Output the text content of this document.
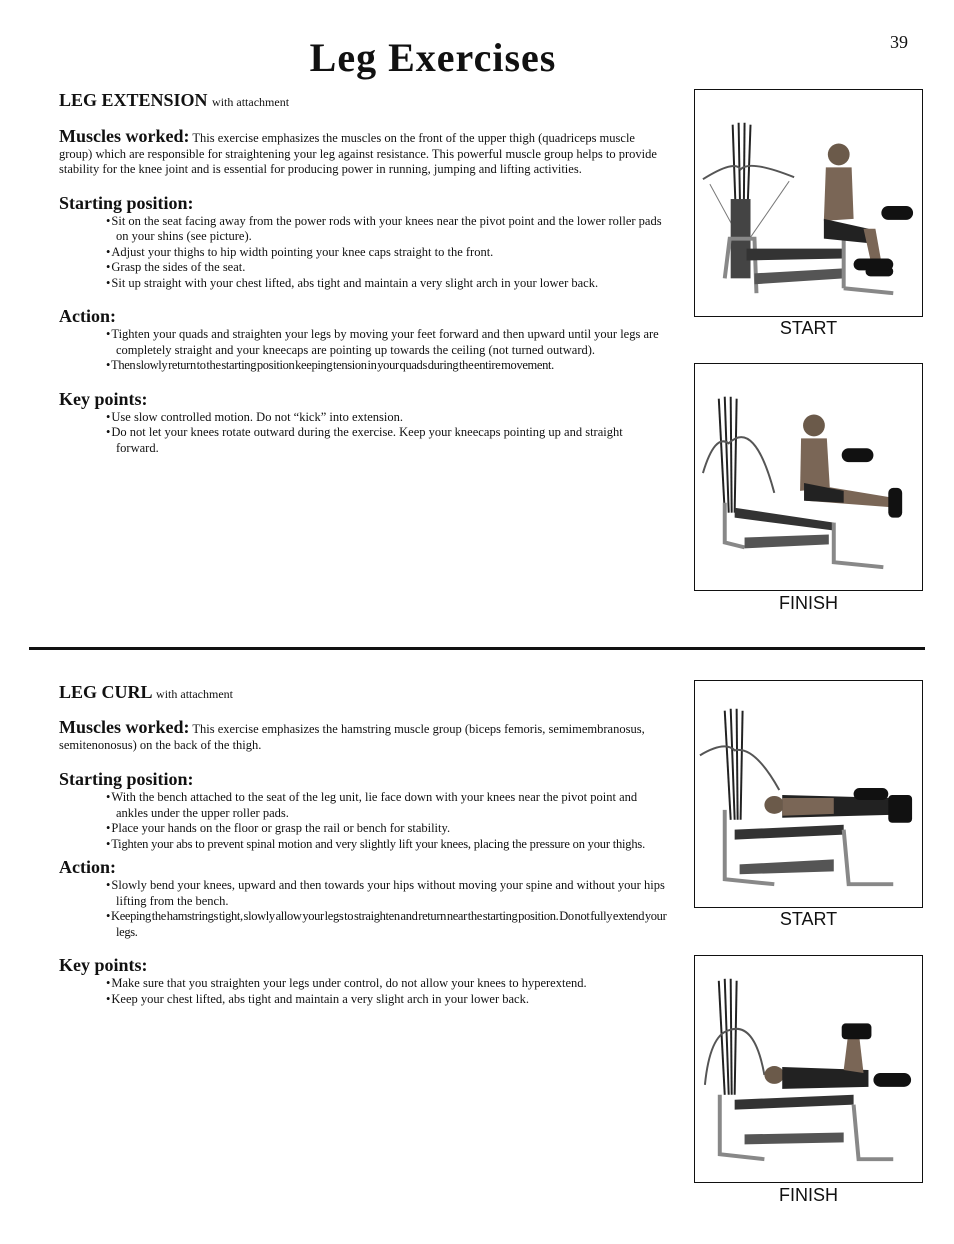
39
Leg Exercises

LEG EXTENSION with attachment

Muscles worked: This exercise emphasizes the muscles on the front of the upper thigh (quadriceps muscle group) which are responsible for straightening your leg against resistance. This powerful muscle group helps to provide stability for the knee joint and is essential for producing power in running, jumping and lifting activities.

Starting position:

• Sit on the seat facing away from the power rods with your knees near the pivot point and the lower roller pads on your shins (see picture).
• Adjust your thighs to hip width pointing your knee caps straight to the front.
• Grasp the sides of the seat.
• Sit up straight with your chest lifted, abs tight and maintain a very slight arch in your lower back.

Action:

• Tighten your quads and straighten your legs by moving your feet forward and then upward until your legs are completely straight and your kneecaps are pointing up towards the ceiling (not turned outward).
• Then slowly return to the starting position keeping tension in your quads during the entire movement.

Key points:

• Use slow controlled motion. Do not “kick” into extension.
• Do not let your knees rotate outward during the exercise. Keep your kneecaps pointing up and straight forward.
START
FINISH

LEG CURL with attachment

Muscles worked: This exercise emphasizes the hamstring muscle group (biceps femoris, semimembranosus, semitenonosus) on the back of the thigh.

Starting position:

• With the bench attached to the seat of the leg unit, lie face down with your knees near the pivot point and ankles under the upper roller pads.
• Place your hands on the floor or grasp the rail or bench for stability.
• Tighten your abs to prevent spinal motion and very slightly lift your knees, placing the pressure on your thighs.

Action:

• Slowly bend your knees, upward and then towards your hips without moving your spine and without your hips lifting from the bench.
• Keeping the hamstrings tight, slowly allow your legs to straighten and return near the starting position. Do not fully extend your legs.

Key points:

• Make sure that you straighten your legs under control, do not allow your knees to hyperextend.
• Keep your chest lifted, abs tight and maintain a very slight arch in your lower back.
START
FINISH
